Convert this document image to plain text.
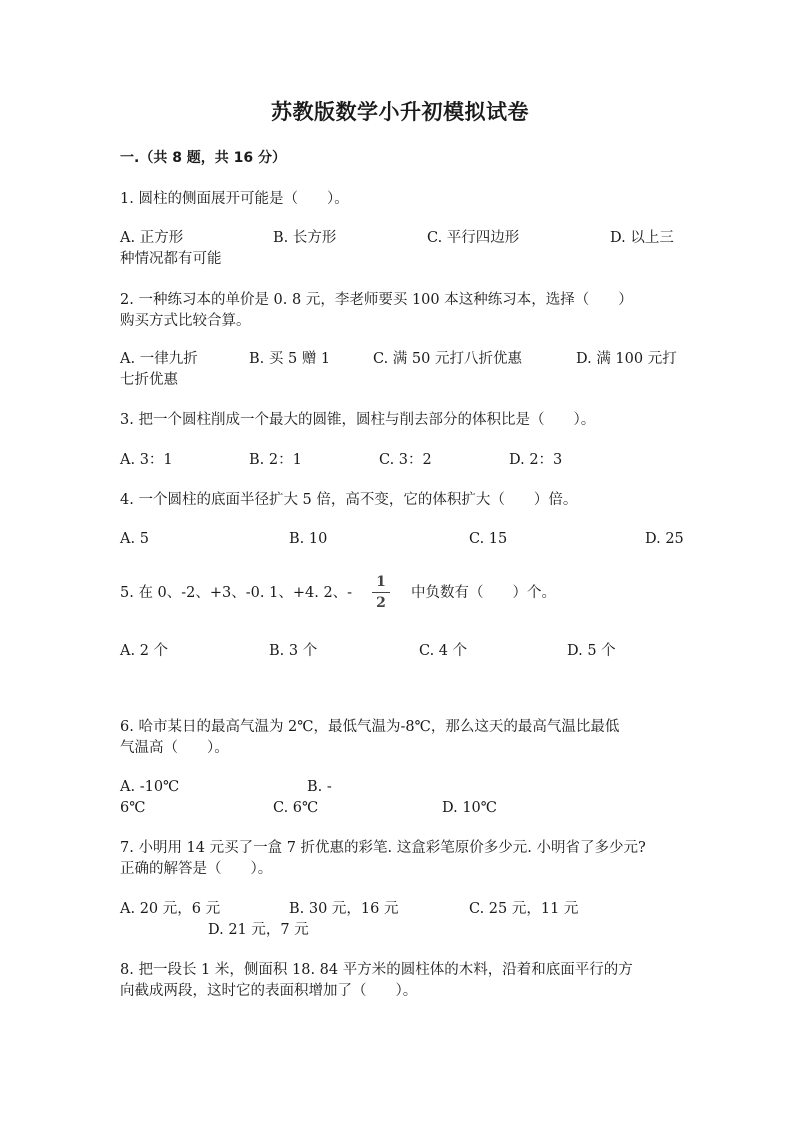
苏教版数学小升初模拟试卷
一.（共 8 题，共 16 分）
1. 圆柱的侧面展开可能是（　　）。
A. 正方形	B. 长方形	C. 平行四边形	D. 以上三
种情况都有可能
2. 一种练习本的单价是 0. 8 元，李老师要买 100 本这种练习本，选择（　　）
购买方式比较合算。
A. 一律九折	B. 买 5 赠 1	C. 满 50 元打八折优惠	D. 满 100 元打
七折优惠
3. 把一个圆柱削成一个最大的圆锥，圆柱与削去部分的体积比是（　　）。
A. 3：1	B. 2：1	C. 3：2	D. 2：3
4. 一个圆柱的底面半径扩大 5 倍，高不变，它的体积扩大（　　）倍。
A. 5	B. 10	C. 15	D. 25
5. 在 0、-2、+3、-0. 1、+4. 2、-
1
2
中负数有（　　）个。
A. 2 个	B. 3 个	C. 4 个	D. 5 个
6. 哈市某日的最高气温为 2℃，最低气温为-8℃，那么这天的最高气温比最低
气温高（　　）。
A. -10℃	B. -
6℃	C. 6℃	D. 10℃
7. 小明用 14 元买了一盒 7 折优惠的彩笔. 这盒彩笔原价多少元. 小明省了多少元?
正确的解答是（　　）。
A. 20 元，6 元	B. 30 元，16 元	C. 25 元，11 元
D. 21 元，7 元
8. 把一段长 1 米，侧面积 18. 84 平方米的圆柱体的木料，沿着和底面平行的方
向截成两段，这时它的表面积增加了（　　）。
